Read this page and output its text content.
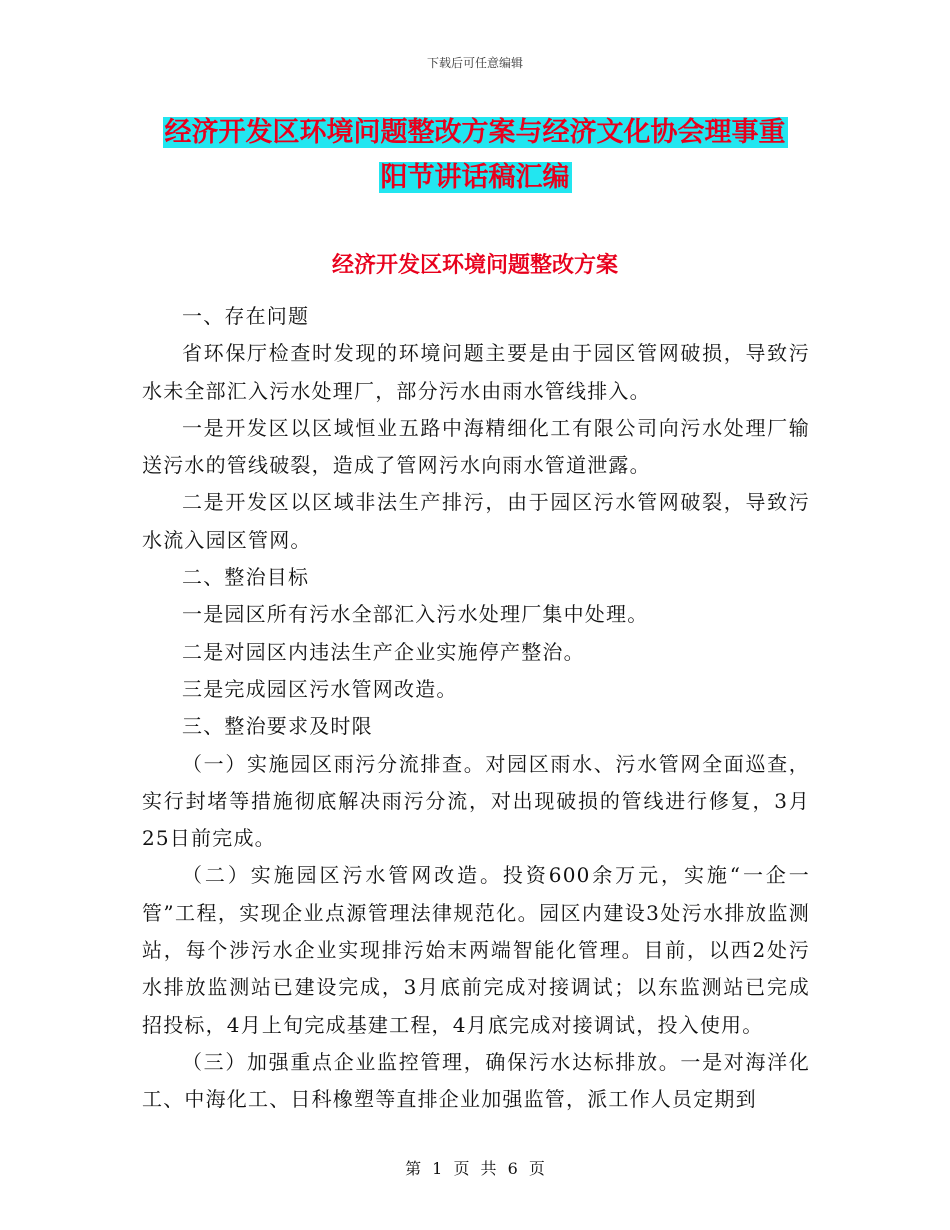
下载后可任意编辑
经济开发区环境问题整改方案与经济文化协会理事重
阳节讲话稿汇编
经济开发区环境问题整改方案

一、存在问题

省环保厅检查时发现的环境问题主要是由于园区管网破损，导致污水未全部汇入污水处理厂，部分污水由雨水管线排入。

一是开发区以区域恒业五路中海精细化工有限公司向污水处理厂输送污水的管线破裂，造成了管网污水向雨水管道泄露。

二是开发区以区域非法生产排污，由于园区污水管网破裂，导致污水流入园区管网。

二、整治目标

一是园区所有污水全部汇入污水处理厂集中处理。

二是对园区内违法生产企业实施停产整治。

三是完成园区污水管网改造。

三、整治要求及时限

（一）实施园区雨污分流排查。对园区雨水、污水管网全面巡查，实行封堵等措施彻底解决雨污分流，对出现破损的管线进行修复，3月25日前完成。

（二）实施园区污水管网改造。投资600余万元，实施“一企一管”工程，实现企业点源管理法律规范化。园区内建设3处污水排放监测站，每个涉污水企业实现排污始末两端智能化管理。目前，以西2处污水排放监测站已建设完成，3月底前完成对接调试；以东监测站已完成招投标，4月上旬完成基建工程，4月底完成对接调试，投入使用。

（三）加强重点企业监控管理，确保污水达标排放。一是对海洋化工、中海化工、日科橡塑等直排企业加强监管，派工作人员定期到

第 1 页 共 6 页
